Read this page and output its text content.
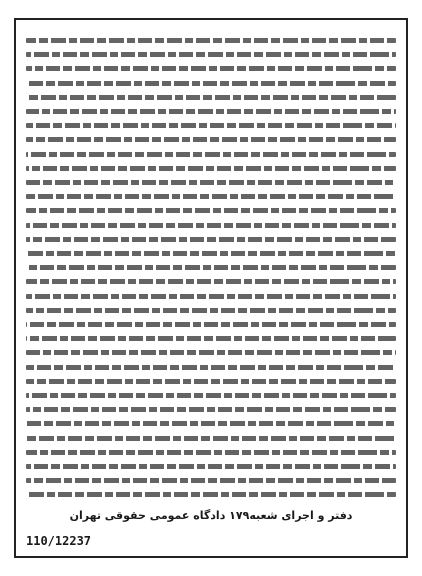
دفتر و اجرای شعبه۱۷۹ دادگاه عمومی حقوقی تهران
110/12237
